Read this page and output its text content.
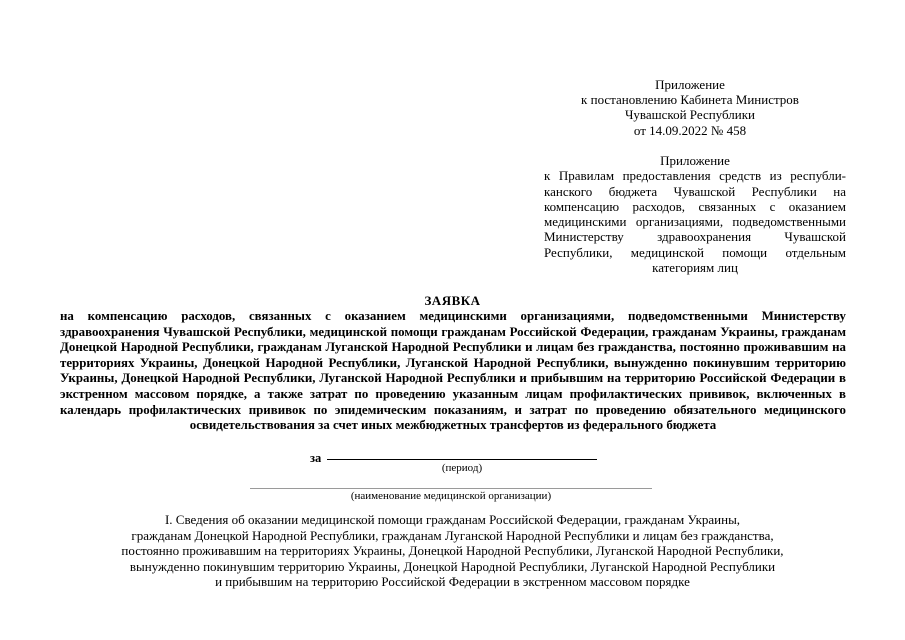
Приложение
к постановлению Кабинета Министров
Чувашской Республики
от 14.09.2022 № 458
Приложение
к Правилам предоставления средств из республиканского бюджета Чувашской Республики на компенсацию расходов, связанных с оказанием медицинскими организациями, подведомственными Министерству здравоохранения Чувашской Республики, медицинской помощи отдельным категориям лиц
ЗАЯВКА
на компенсацию расходов, связанных с оказанием медицинскими организациями, подведомственными Министерству здравоохранения Чувашской Республики, медицинской помощи гражданам Российской Федерации, гражданам Украины, гражданам Донецкой Народной Республики, гражданам Луганской Народной Республики и лицам без гражданства, постоянно проживавшим на территориях Украины, Донецкой Народной Республики, Луганской Народной Республики, вынужденно покинувшим территорию Украины, Донецкой Народной Республики, Луганской Народной Республики и прибывшим на территорию Российской Федерации в экстренном массовом порядке, а также затрат по проведению указанным лицам профилактических прививок, включенных в календарь профилактических прививок по эпидемическим показаниям, и затрат по проведению обязательного медицинского освидетельствования за счет иных межбюджетных трансфертов из федерального бюджета
за
(период)
(наименование медицинской организации)
I. Сведения об оказании медицинской помощи гражданам Российской Федерации, гражданам Украины,
гражданам Донецкой Народной Республики, гражданам Луганской Народной Республики и лицам без гражданства,
постоянно проживавшим на территориях Украины, Донецкой Народной Республики, Луганской Народной Республики,
вынужденно покинувшим территорию Украины, Донецкой Народной Республики, Луганской Народной Республики
и прибывшим на территорию Российской Федерации в экстренном массовом порядке
